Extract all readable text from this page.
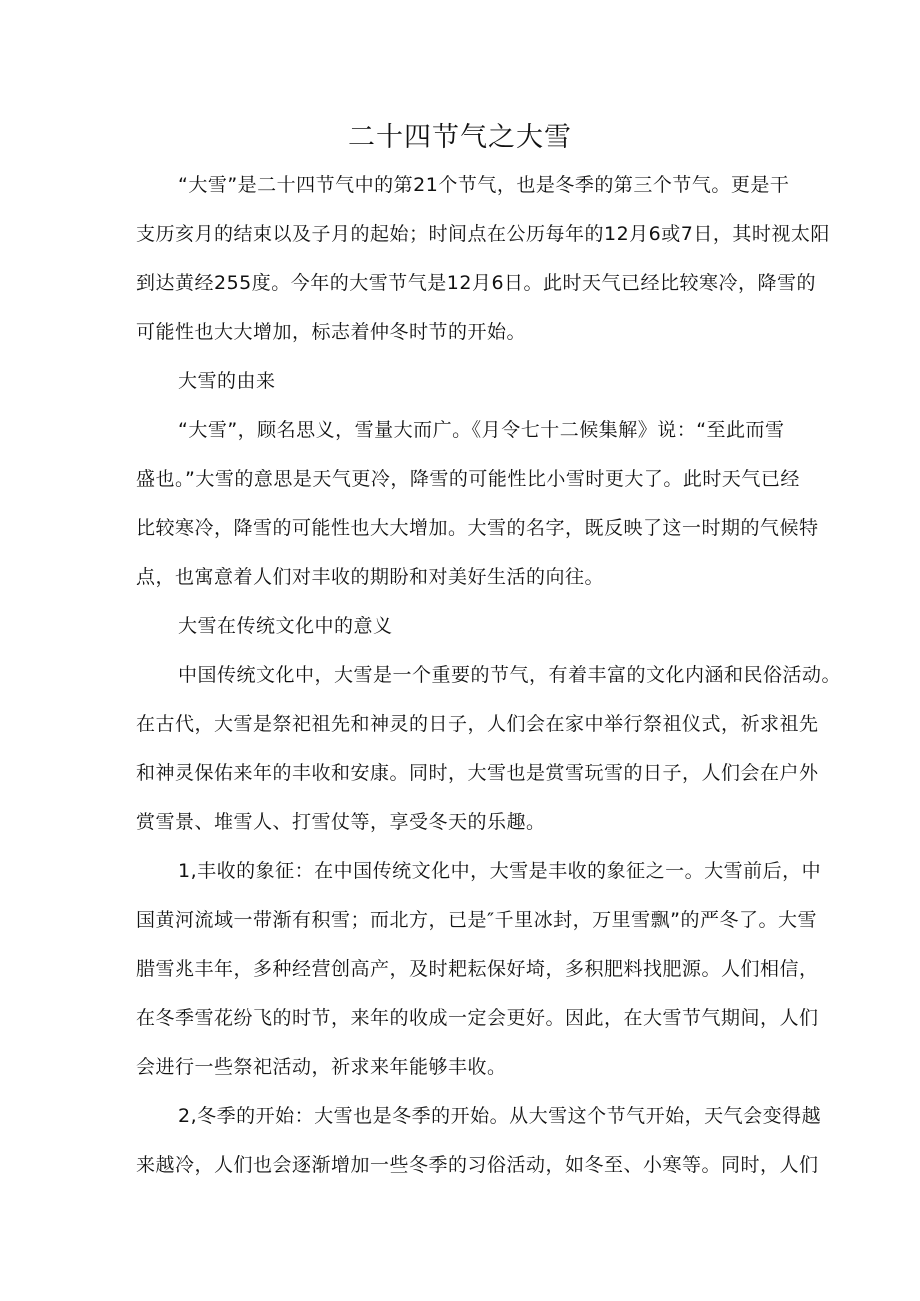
二十四节气之大雪
“大雪”是二十四节气中的第21个节气，也是冬季的第三个节气。更是干
支历亥月的结束以及子月的起始；时间点在公历每年的12月6或7日，其时视太阳
到达黄经255度。今年的大雪节气是12月6日。此时天气已经比较寒冷，降雪的
可能性也大大增加，标志着仲冬时节的开始。
大雪的由来
“大雪”，顾名思义，雪量大而广。《月令七十二候集解》说：“至此而雪
盛也。”大雪的意思是天气更冷，降雪的可能性比小雪时更大了。此时天气已经
比较寒冷，降雪的可能性也大大增加。大雪的名字，既反映了这一时期的气候特
点，也寓意着人们对丰收的期盼和对美好生活的向往。
大雪在传统文化中的意义
中国传统文化中，大雪是一个重要的节气，有着丰富的文化内涵和民俗活动。
在古代，大雪是祭祀祖先和神灵的日子，人们会在家中举行祭祖仪式，祈求祖先
和神灵保佑来年的丰收和安康。同时，大雪也是赏雪玩雪的日子，人们会在户外
赏雪景、堆雪人、打雪仗等，享受冬天的乐趣。
1,丰收的象征：在中国传统文化中，大雪是丰收的象征之一。大雪前后，中
国黄河流域一带渐有积雪；而北方，已是″千里冰封，万里雪飘”的严冬了。大雪
腊雪兆丰年，多种经营创高产，及时耙耘保好埼，多积肥料找肥源。人们相信，
在冬季雪花纷飞的时节，来年的收成一定会更好。因此，在大雪节气期间，人们
会进行一些祭祀活动，祈求来年能够丰收。
2,冬季的开始：大雪也是冬季的开始。从大雪这个节气开始，天气会变得越
来越冷，人们也会逐渐增加一些冬季的习俗活动，如冬至、小寒等。同时，人们
